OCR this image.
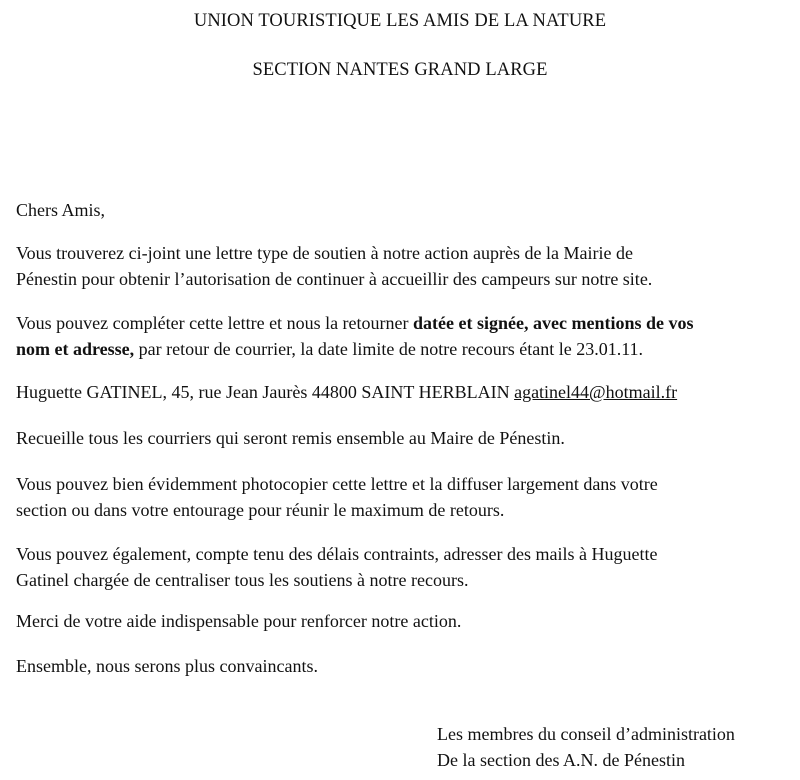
UNION TOURISTIQUE LES AMIS DE LA NATURE

SECTION NANTES GRAND LARGE

Chers Amis,

Vous trouverez ci-joint une lettre type de soutien à notre action auprès de la Mairie de
Pénestin pour obtenir l’autorisation de continuer à accueillir des campeurs sur notre site.

Vous pouvez compléter cette lettre et nous la retourner datée et signée, avec mentions de vos
nom et adresse, par retour de courrier, la date limite de notre recours étant le 23.01.11.

Huguette GATINEL, 45, rue Jean Jaurès 44800 SAINT HERBLAIN agatinel44@hotmail.fr

Recueille tous les courriers qui seront remis ensemble au Maire de Pénestin.

Vous pouvez bien évidemment photocopier cette lettre et la diffuser largement dans votre
section ou dans votre entourage pour réunir le maximum de retours.

Vous pouvez également, compte tenu des délais contraints, adresser des mails à Huguette
Gatinel chargée de centraliser tous les soutiens à notre recours.

Merci de votre aide indispensable pour renforcer notre action.

Ensemble, nous serons plus convaincants.

Les membres du conseil d’administration
De la section des A.N. de Pénestin
